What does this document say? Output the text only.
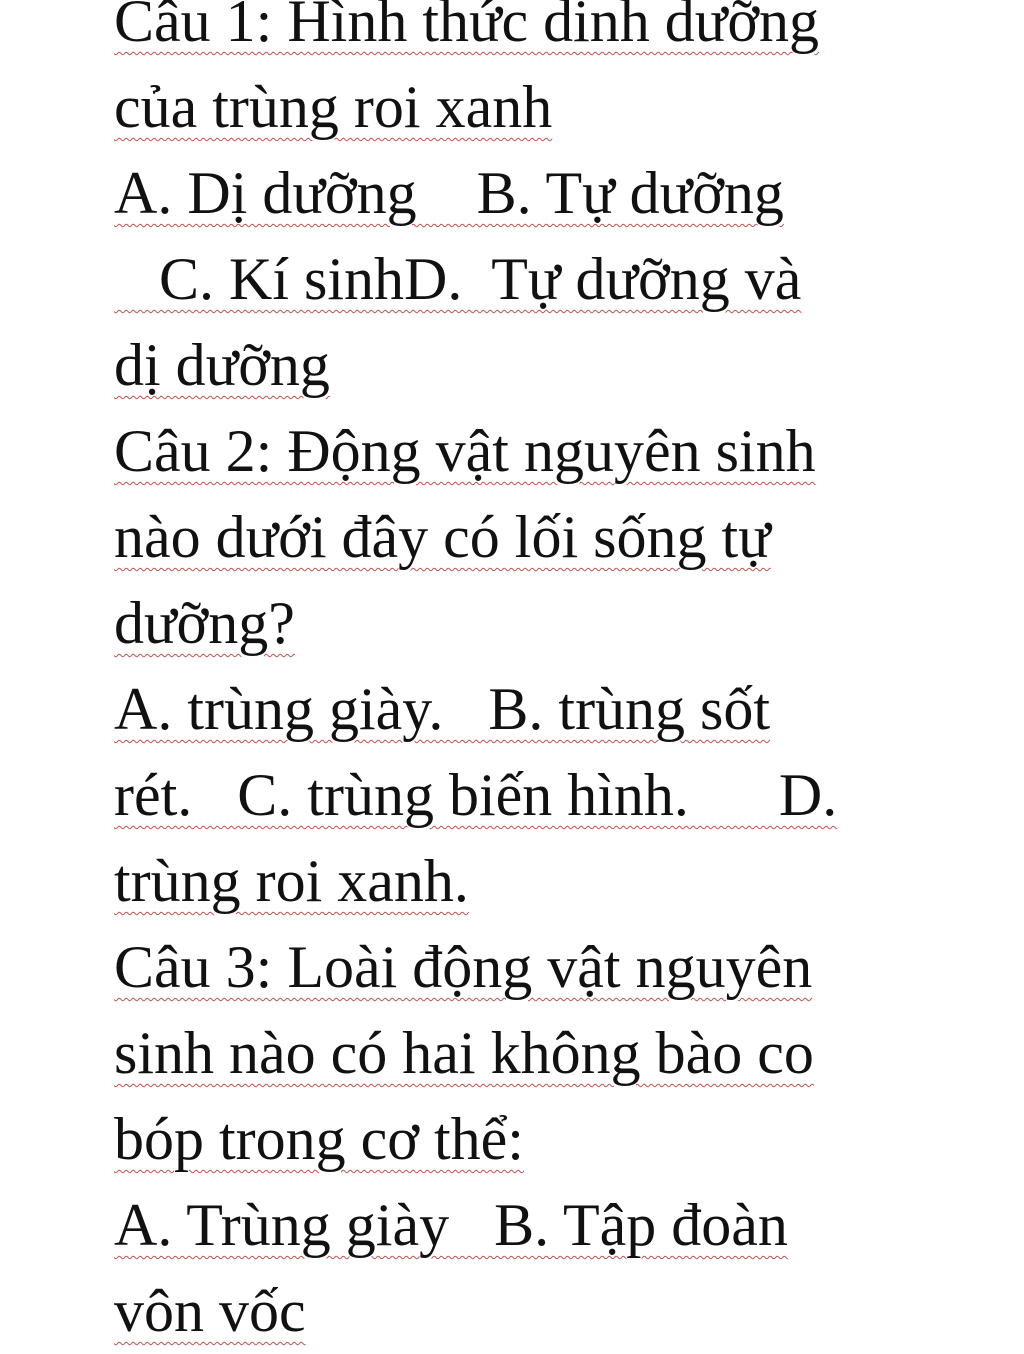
Câu 1: Hình thức dinh dưỡng
của trùng roi xanh
A. Dị dưỡng    B. Tự dưỡng
C. Kí sinhD.  Tự dưỡng và
dị dưỡng
Câu 2: Động vật nguyên sinh
nào dưới đây có lối sống tự
dưỡng?
A. trùng giày.   B. trùng sốt
rét.   C. trùng biến hình.      D.
trùng roi xanh.
Câu 3: Loài động vật nguyên
sinh nào có hai không bào co
bóp trong cơ thể:
A. Trùng giày   B. Tập đoàn
vôn vốc
